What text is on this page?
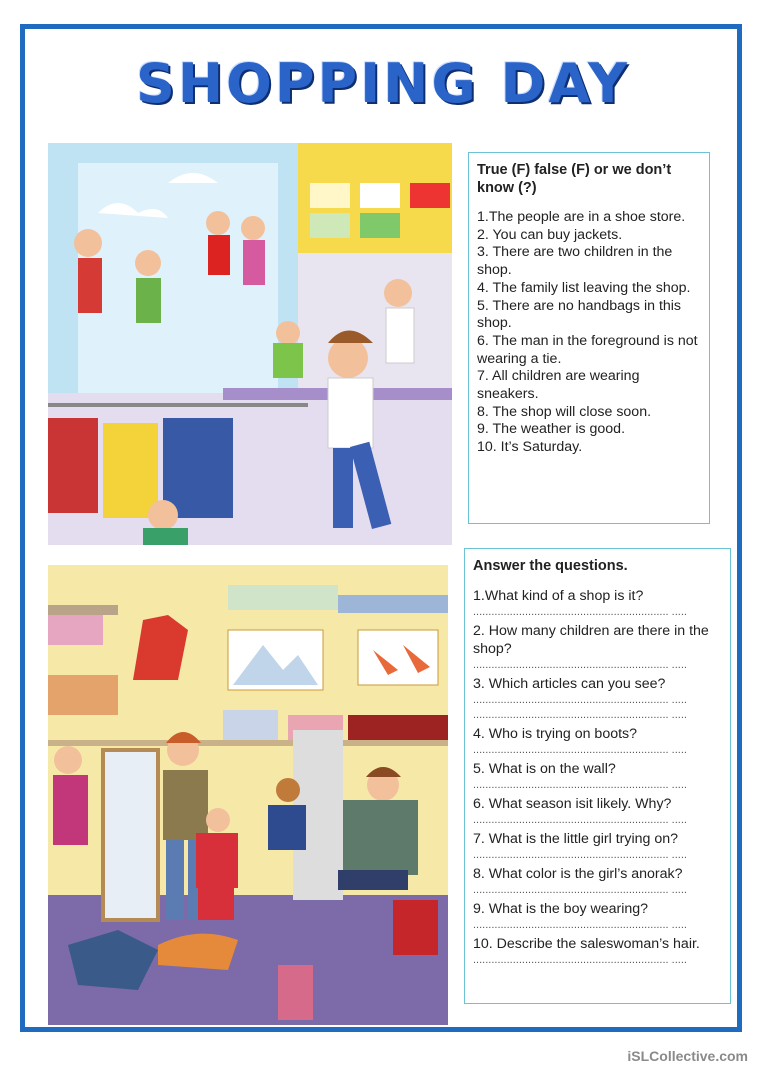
SHOPPING DAY
True (F) false (F) or we don’t know (?)
1.The people are in a shoe store.
2. You can buy jackets.
3. There are two children in the shop.
4. The family list leaving the shop.
5. There are no handbags in this shop.
6. The man in the foreground is not wearing a tie.
7. All children are wearing sneakers.
8. The shop will close soon.
9. The weather is good.
10. It’s Saturday.
Answer the questions.
1.What kind of a shop is it?
................................................................ .....
2. How many children are there in the shop?
................................................................ .....
3. Which articles can you see?
................................................................ .....
................................................................ .....
4. Who is trying on boots?
................................................................ .....
5. What is on the wall?
................................................................ .....
6. What season isit likely. Why?
................................................................ .....
7. What is the little girl trying on?
................................................................ .....
8. What color is the girl’s anorak?
................................................................ .....
9. What is the boy wearing?
................................................................ .....
10. Describe the saleswoman’s hair.
................................................................ .....
iSLCollective.com
